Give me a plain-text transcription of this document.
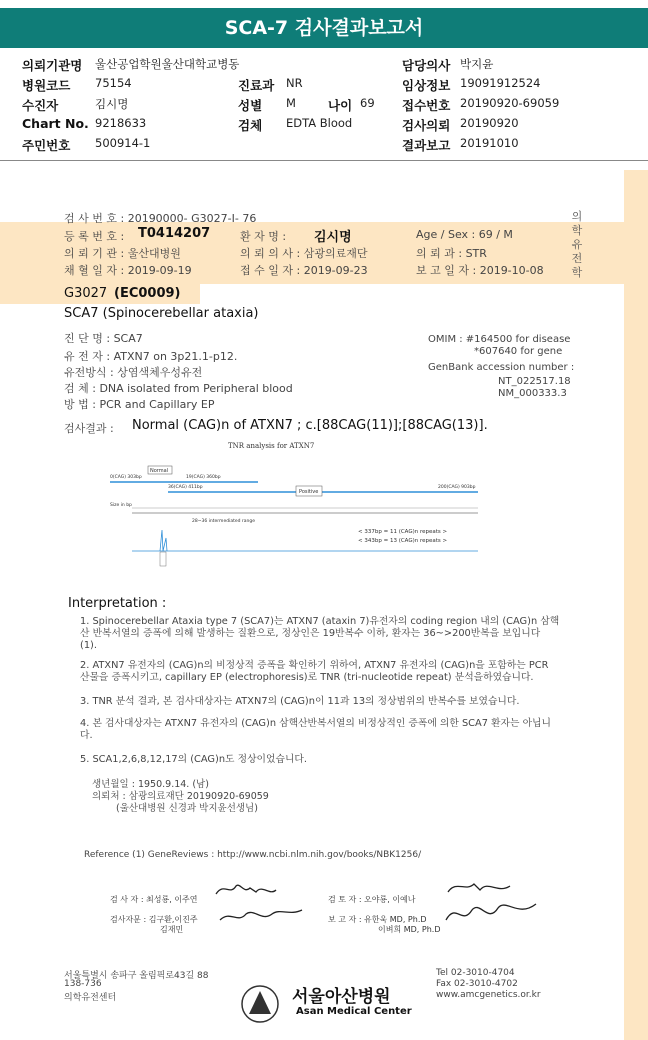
SCA-7 검사결과보고서
의뢰기관명 울산공업학원울산대학교병동	담당의사 박지윤
병원코드 75154	진료과 NR	임상정보 19091912524
수진자	김시명	성별 M	나이 69 접수번호 20190920-69059
Chart No. 9218633	검체 EDTA Blood	검사의뢰 20190920
주민번호 500914-1	결과보고 20191010
검 사 번 호 : 20190000- G3027-I- 76
등 록 번 호 : T0414207	환 자 명 : 김시명	Age / Sex : 69 / M
의 뢰 기 관 : 울산대병원	의 뢰 의 사 : 삼광의료재단	의 뢰 과 : STR
채 혈 일 자 : 2019-09-19	접 수 일 자 : 2019-09-23	보 고 일 자 : 2019-10-08
의학유전학
G3027 (EC0009)
SCA7 (Spinocerebellar ataxia)
진 단 명 : SCA7
유 전 자 : ATXN7 on 3p21.1-p12.
유전방식 : 상염색체우성유전
검 체 : DNA isolated from Peripheral blood
방 법 : PCR and Capillary EP
OMIM : #164500 for disease
*607640 for gene
GenBank accession number :
NT_022517.18
NM_000333.3
검사결과 : Normal (CAG)n of ATXN7 ; c.[88CAG(11)];[88CAG(13)].
TNR analysis for ATXN7
Normal
0(CAG) 303bp	19(CAG) 360bp
36(CAG) 411bp
Positive
200(CAG) 903bp
Size in bp
28~36 intermediated range
< 337bp = 11 (CAG)n repeats >
< 343bp = 13 (CAG)n repeats >
Interpretation :
1. Spinocerebellar Ataxia type 7 (SCA7)는 ATXN7 (ataxin 7)유전자의 coding region 내의 (CAG)n 삼핵산 반복서열의 증폭에 의해 발생하는 질환으로, 정상인은 19반복수 이하, 환자는 36~>200반복을 보입니다 (1).
2. ATXN7 유전자의 (CAG)n의 비정상적 증폭을 확인하기 위하여, ATXN7 유전자의 (CAG)n을 포함하는 PCR 산물을 증폭시키고, capillary EP (electrophoresis)로 TNR (tri-nucleotide repeat) 분석을하였습니다.
3. TNR 분석 결과, 본 검사대상자는 ATXN7의 (CAG)n이 11과 13의 정상범위의 반복수를 보였습니다.
4. 본 검사대상자는 ATXN7 유전자의 (CAG)n 삼핵산반복서열의 비정상적인 증폭에 의한 SCA7 환자는 아닙니다.
5. SCA1,2,6,8,12,17의 (CAG)n도 정상이었습니다.
생년월일 : 1950.9.14. (남)
의뢰처 : 삼광의료재단 20190920-69059
(울산대병원 신경과 박지윤선생님)
Reference (1) GeneReviews : http://www.ncbi.nlm.nih.gov/books/NBK1256/
검 사 자 : 최성룡, 이주연	검 토 자 : 오야룡, 이예나
검사자문 : 김구환,이진주
김재민
보 고 자 : 유한욱 MD, Ph.D
이벼희 MD, Ph.D
서울특별시 송파구 올림픽로43길 88
138-736
의학유전센터
Tel 02-3010-4704
Fax 02-3010-4702
www.amcgenetics.or.kr
서울아산병원
Asan Medical Center
